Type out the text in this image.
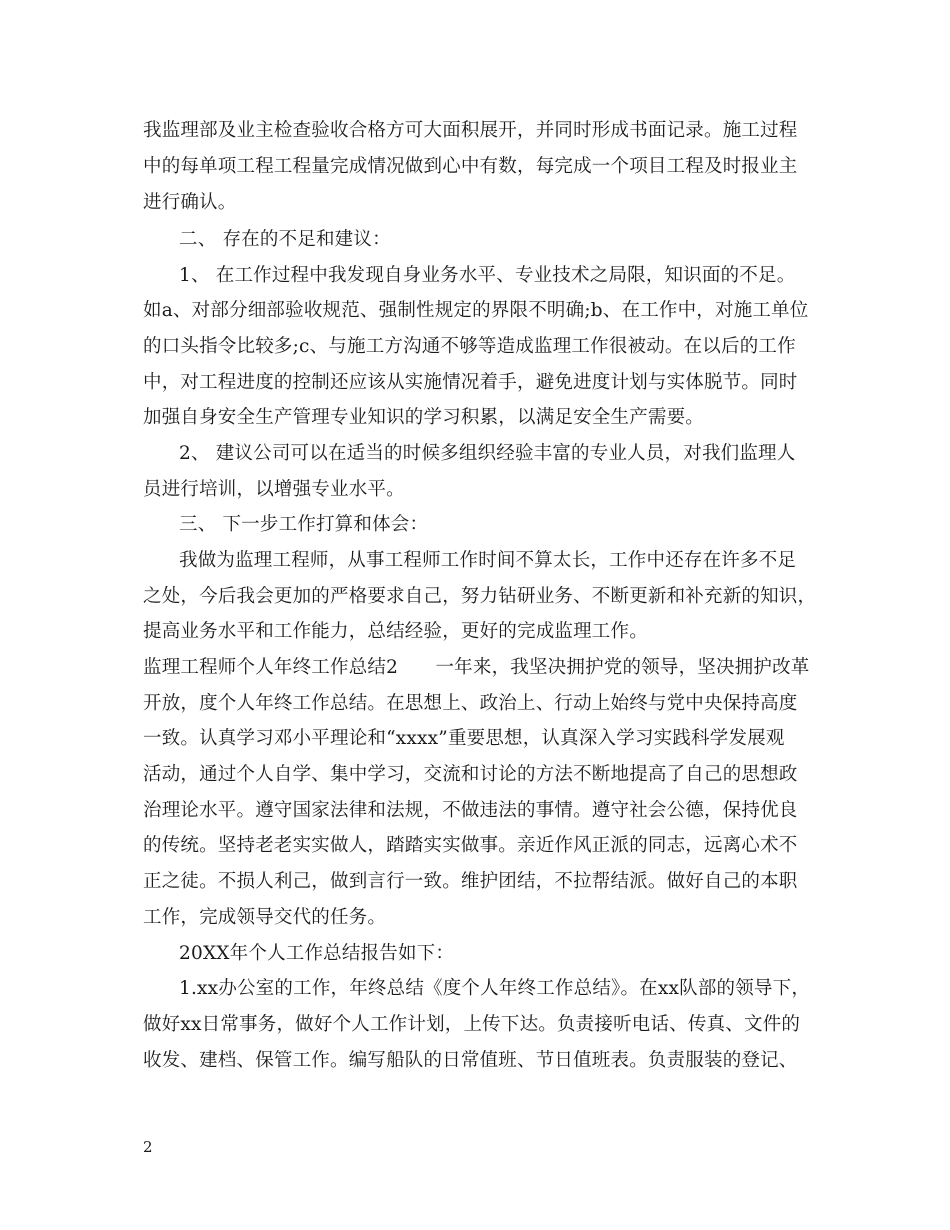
我监理部及业主检查验收合格方可大面积展开，并同时形成书面记录。施工过程
中的每单项工程工程量完成情况做到心中有数，每完成一个项目工程及时报业主
进行确认。
二、 存在的不足和建议：
1、 在工作过程中我发现自身业务水平、专业技术之局限，知识面的不足。
如a、对部分细部验收规范、强制性规定的界限不明确;b、在工作中，对施工单位
的口头指令比较多;c、与施工方沟通不够等造成监理工作很被动。在以后的工作
中，对工程进度的控制还应该从实施情况着手，避免进度计划与实体脱节。同时
加强自身安全生产管理专业知识的学习积累，以满足安全生产需要。
2、 建议公司可以在适当的时候多组织经验丰富的专业人员，对我们监理人
员进行培训，以增强专业水平。
三、 下一步工作打算和体会：
我做为监理工程师，从事工程师工作时间不算太长，工作中还存在许多不足
之处，今后我会更加的严格要求自己，努力钻研业务、不断更新和补充新的知识，
提高业务水平和工作能力，总结经验，更好的完成监理工作。
监理工程师个人年终工作总结2　　一年来，我坚决拥护党的领导，坚决拥护改革
开放，度个人年终工作总结。在思想上、政治上、行动上始终与党中央保持高度
一致。认真学习邓小平理论和“xxxx”重要思想，认真深入学习实践科学发展观
活动，通过个人自学、集中学习，交流和讨论的方法不断地提高了自己的思想政
治理论水平。遵守国家法律和法规，不做违法的事情。遵守社会公德，保持优良
的传统。坚持老老实实做人，踏踏实实做事。亲近作风正派的同志，远离心术不
正之徒。不损人利己，做到言行一致。维护团结，不拉帮结派。做好自己的本职
工作，完成领导交代的任务。
20XX年个人工作总结报告如下：
1.xx办公室的工作，年终总结《度个人年终工作总结》。在xx队部的领导下，
做好xx日常事务，做好个人工作计划，上传下达。负责接听电话、传真、文件的
收发、建档、保管工作。编写船队的日常值班、节日值班表。负责服装的登记、
2
